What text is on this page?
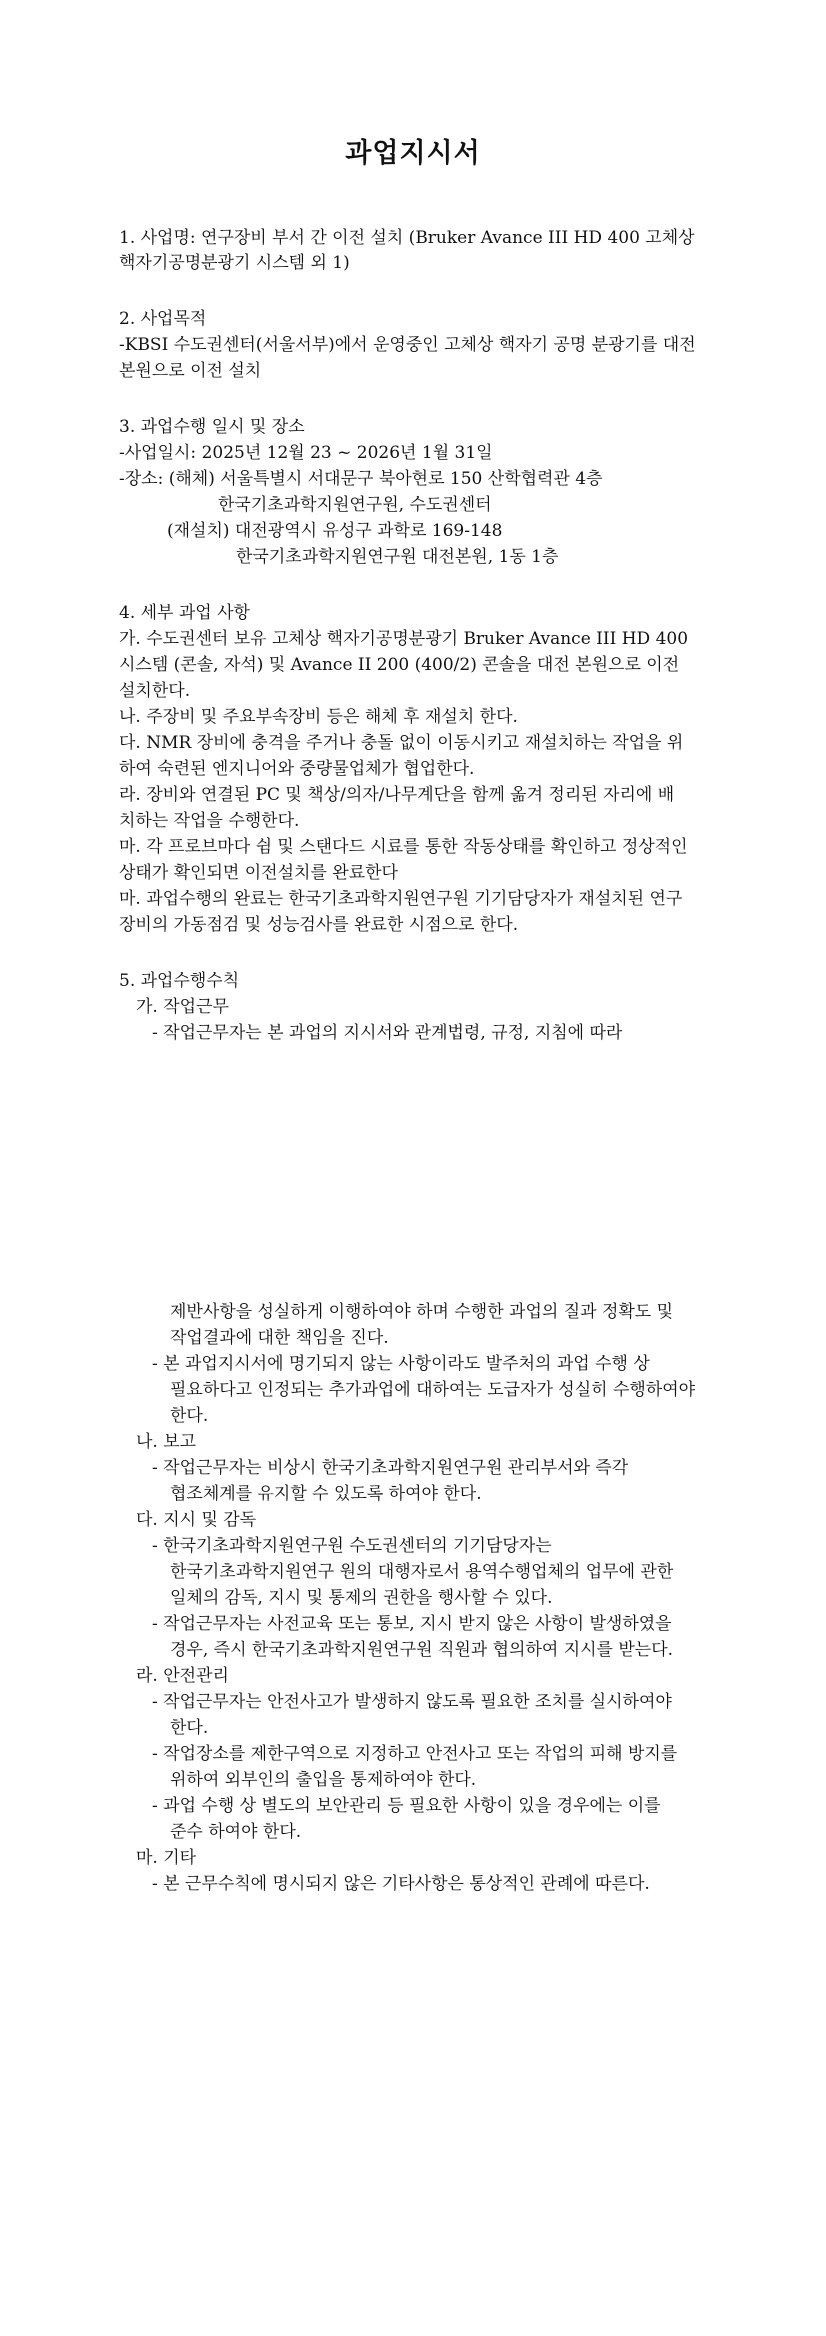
과업지시서
1. 사업명: 연구장비 부서 간 이전 설치 (Bruker Avance III HD 400 고체상
핵자기공명분광기 시스템 외 1)
2. 사업목적
-KBSI 수도권센터(서울서부)에서 운영중인 고체상 핵자기 공명 분광기를 대전
본원으로 이전 설치
3. 과업수행 일시 및 장소
-사업일시: 2025년 12월 23 ~ 2026년 1월 31일
-장소: (해체) 서울특별시 서대문구 북아현로 150 산학협력관 4층
한국기초과학지원연구원, 수도권센터
(재설치) 대전광역시 유성구 과학로 169-148
한국기초과학지원연구원 대전본원, 1동 1층
4. 세부 과업 사항
가. 수도권센터 보유 고체상 핵자기공명분광기 Bruker Avance III HD 400
시스템 (콘솔, 자석) 및 Avance II 200 (400/2) 콘솔을 대전 본원으로 이전
설치한다.
나. 주장비 및 주요부속장비 등은 해체 후 재설치 한다.
다. NMR 장비에 충격을 주거나 충돌 없이 이동시키고 재설치하는 작업을 위
하여 숙련된 엔지니어와 중량물업체가 협업한다.
라. 장비와 연결된 PC 및 책상/의자/나무계단을 함께 옮겨 정리된 자리에 배
치하는 작업을 수행한다.
마. 각 프로브마다 쉼 및 스탠다드 시료를 통한 작동상태를 확인하고 정상적인
상태가 확인되면 이전설치를 완료한다
마. 과업수행의 완료는 한국기초과학지원연구원 기기담당자가 재설치된 연구
장비의 가동점검 및 성능검사를 완료한 시점으로 한다.
5. 과업수행수칙
가. 작업근무
- 작업근무자는 본 과업의 지시서와 관계법령, 규정, 지침에 따라
제반사항을 성실하게 이행하여야 하며 수행한 과업의 질과 정확도 및
작업결과에 대한 책임을 진다.
- 본 과업지시서에 명기되지 않는 사항이라도 발주처의 과업 수행 상
필요하다고 인정되는 추가과업에 대하여는 도급자가 성실히 수행하여야
한다.
나. 보고
- 작업근무자는 비상시 한국기초과학지원연구원 관리부서와 즉각
협조체계를 유지할 수 있도록 하여야 한다.
다. 지시 및 감독
- 한국기초과학지원연구원 수도권센터의 기기담당자는
한국기초과학지원연구 원의 대행자로서 용역수행업체의 업무에 관한
일체의 감독, 지시 및 통제의 권한을 행사할 수 있다.
- 작업근무자는 사전교육 또는 통보, 지시 받지 않은 사항이 발생하였을
경우, 즉시 한국기초과학지원연구원 직원과 협의하여 지시를 받는다.
라. 안전관리
- 작업근무자는 안전사고가 발생하지 않도록 필요한 조치를 실시하여야
한다.
- 작업장소를 제한구역으로 지정하고 안전사고 또는 작업의 피해 방지를
위하여 외부인의 출입을 통제하여야 한다.
- 과업 수행 상 별도의 보안관리 등 필요한 사항이 있을 경우에는 이를
준수 하여야 한다.
마. 기타
- 본 근무수칙에 명시되지 않은 기타사항은 통상적인 관례에 따른다.
